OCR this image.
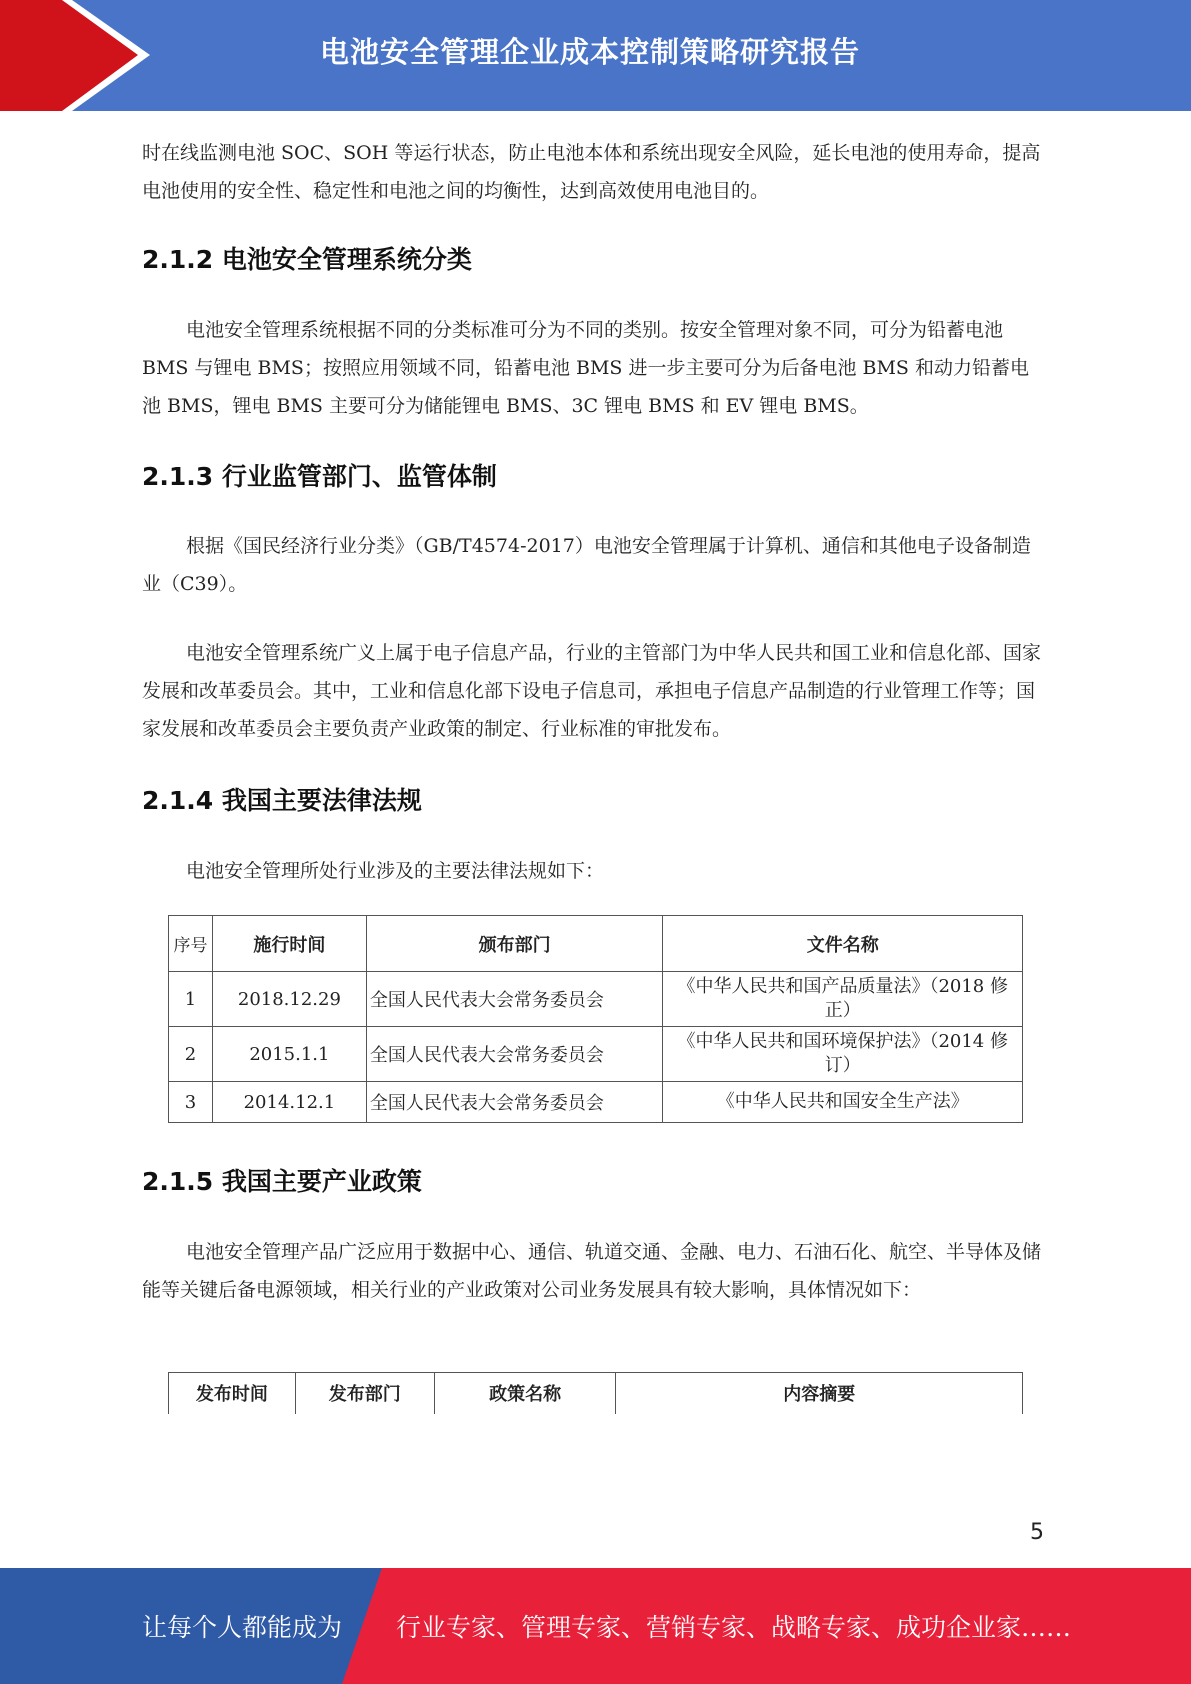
电池安全管理企业成本控制策略研究报告

时在线监测电池 SOC、SOH 等运行状态，防止电池本体和系统出现安全风险，延长电池的使用寿命，提高电池使用的安全性、稳定性和电池之间的均衡性，达到高效使用电池目的。

2.1.2 电池安全管理系统分类

电池安全管理系统根据不同的分类标准可分为不同的类别。按安全管理对象不同，可分为铅蓄电池 BMS 与锂电 BMS；按照应用领域不同，铅蓄电池 BMS 进一步主要可分为后备电池 BMS 和动力铅蓄电池 BMS，锂电 BMS 主要可分为储能锂电 BMS、3C 锂电 BMS 和 EV 锂电 BMS。

2.1.3 行业监管部门、监管体制

根据《国民经济行业分类》（GB/T4574-2017）电池安全管理属于计算机、通信和其他电子设备制造业（C39）。

电池安全管理系统广义上属于电子信息产品，行业的主管部门为中华人民共和国工业和信息化部、国家发展和改革委员会。其中，工业和信息化部下设电子信息司，承担电子信息产品制造的行业管理工作等；国家发展和改革委员会主要负责产业政策的制定、行业标准的审批发布。

2.1.4 我国主要法律法规

电池安全管理所处行业涉及的主要法律法规如下：

序号	施行时间	颁布部门	文件名称
1	2018.12.29	全国人民代表大会常务委员会	《中华人民共和国产品质量法》（2018 修正）
2	2015.1.1	全国人民代表大会常务委员会	《中华人民共和国环境保护法》（2014 修订）
3	2014.12.1	全国人民代表大会常务委员会	《中华人民共和国安全生产法》
2.1.5 我国主要产业政策

电池安全管理产品广泛应用于数据中心、通信、轨道交通、金融、电力、石油石化、航空、半导体及储能等关键后备电源领域，相关行业的产业政策对公司业务发展具有较大影响，具体情况如下：

发布时间	发布部门	政策名称	内容摘要
5
让每个人都能成为 行业专家、管理专家、营销专家、战略专家、成功企业家……
